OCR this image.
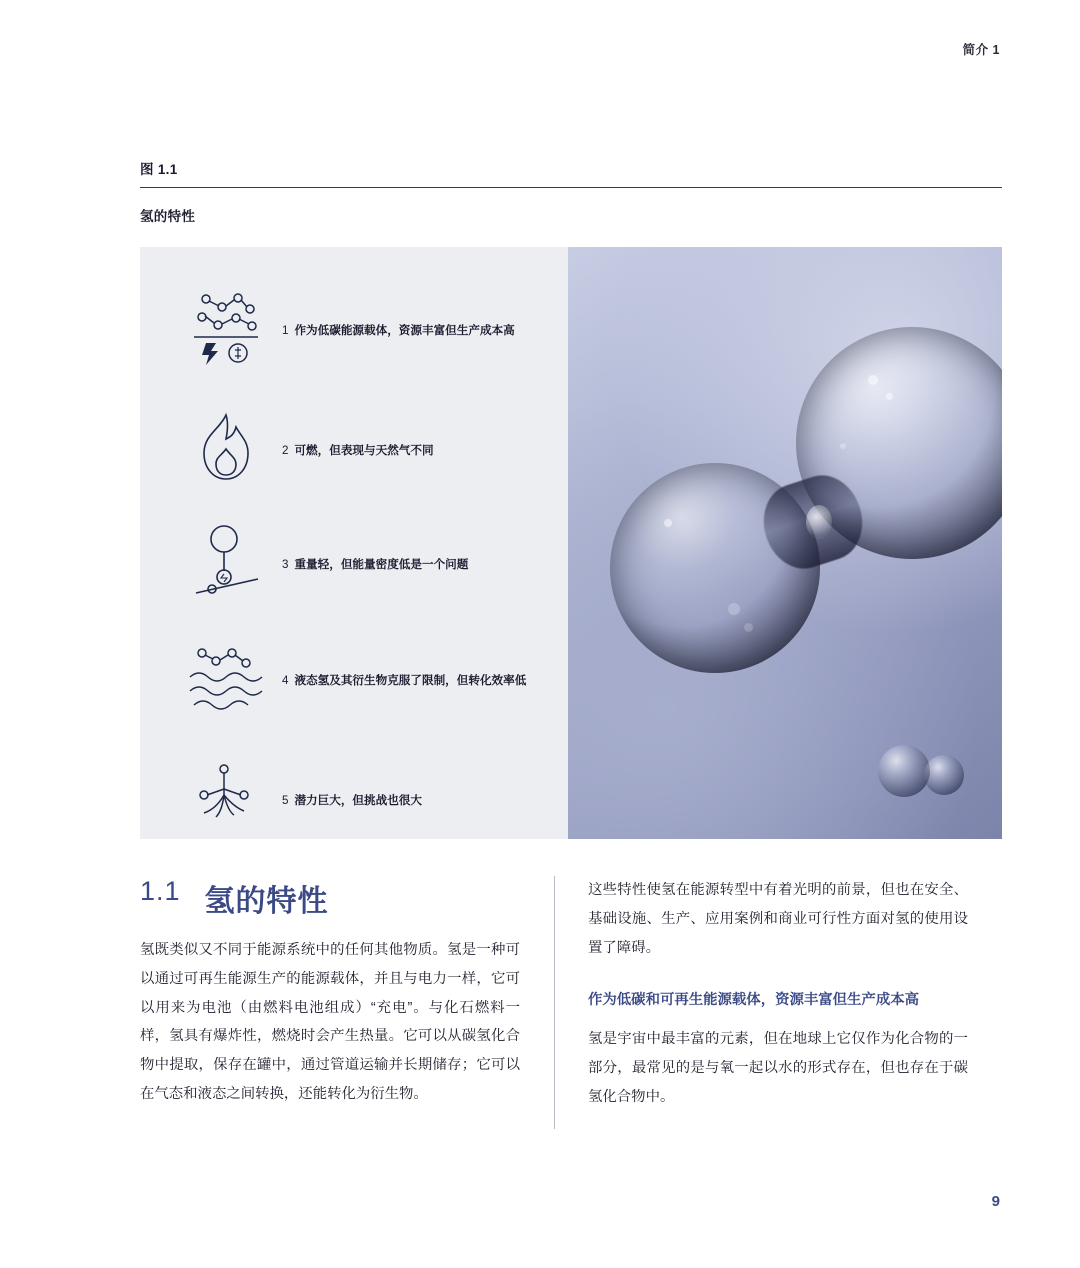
简介 1
图 1.1
氢的特性
1 作为低碳能源载体，资源丰富但生产成本高
2 可燃，但表现与天然气不同
3 重量轻，但能量密度低是一个问题
4 液态氢及其衍生物克服了限制，但转化效率低
5 潜力巨大，但挑战也很大
1.1 氢的特性

氢既类似又不同于能源系统中的任何其他物质。氢是一种可以通过可再生能源生产的能源载体，并且与电力一样，它可以用来为电池（由燃料电池组成）“充电”。与化石燃料一样，氢具有爆炸性，燃烧时会产生热量。它可以从碳氢化合物中提取，保存在罐中，通过管道运输并长期储存；它可以在气态和液态之间转换，还能转化为衍生物。

这些特性使氢在能源转型中有着光明的前景，但也在安全、基础设施、生产、应用案例和商业可行性方面对氢的使用设置了障碍。

作为低碳和可再生能源载体，资源丰富但生产成本高

氢是宇宙中最丰富的元素，但在地球上它仅作为化合物的一部分，最常见的是与氧一起以水的形式存在，但也存在于碳氢化合物中。

9
